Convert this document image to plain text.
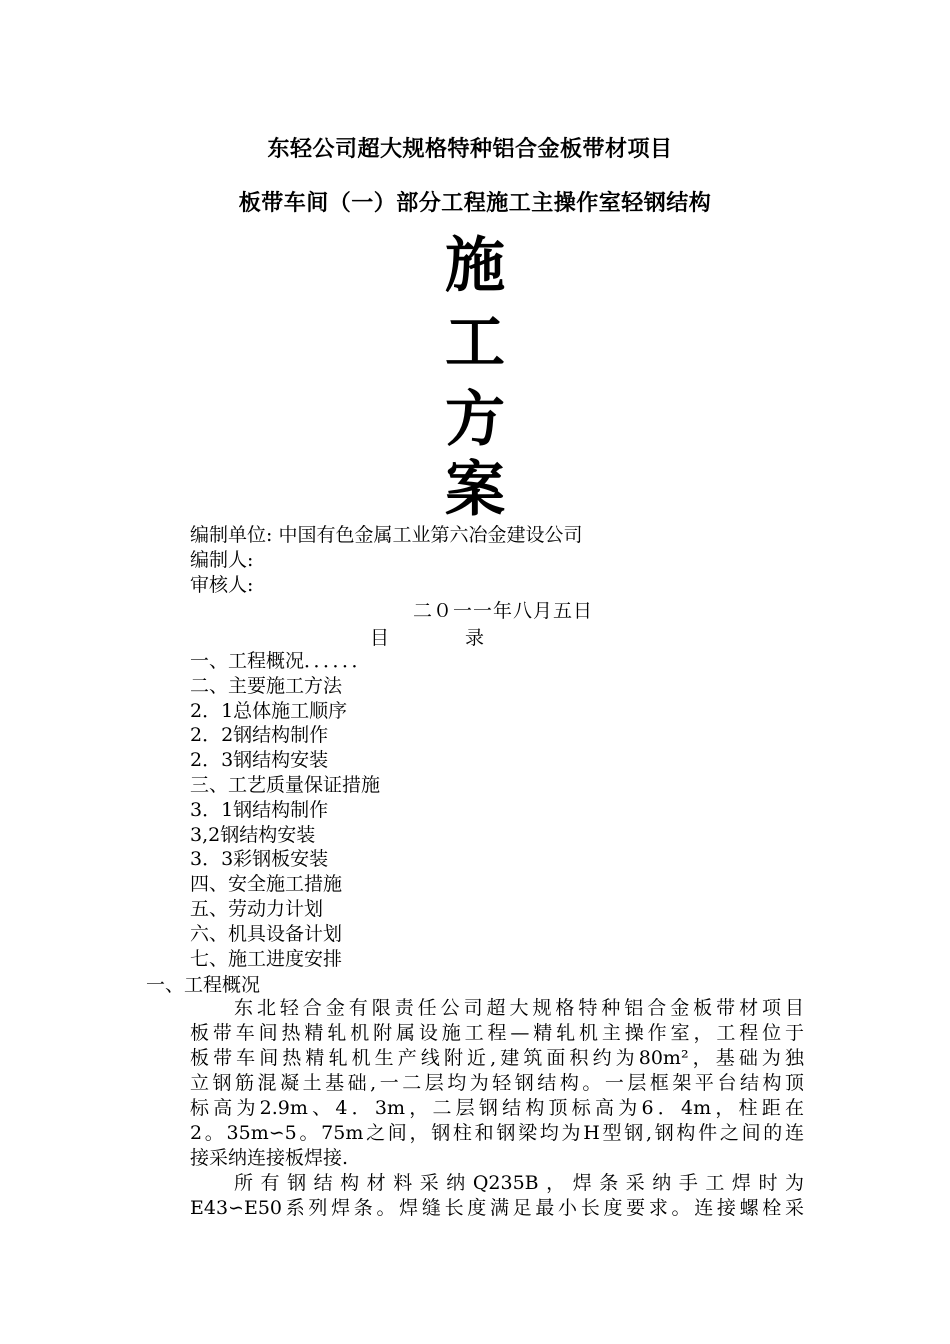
东轻公司超大规格特种铝合金板带材项目
板带车间（一）部分工程施工主操作室轻钢结构
施
工
方
案
编制单位: 中国有色金属工业第六冶金建设公司
编制人:
审核人:
二０一一年八月五日
目	录
一、工程概况．．．．．．
二、主要施工方法
2．1总体施工顺序
2．2钢结构制作
2．3钢结构安装
三、工艺质量保证措施
3．1钢结构制作
3,2钢结构安装
3．3彩钢板安装
四、安全施工措施
五、劳动力计划
六、机具设备计划
七、施工进度安排
一、工程概况
东北轻合金有限责任公司超大规格特种铝合金板带材项目
板带车间热精轧机附属设施工程—精轧机主操作室，工程位于
板带车间热精轧机生产线附近,建筑面积约为80m²，基础为独
立钢筋混凝土基础,一二层均为轻钢结构。一层框架平台结构顶
标高为2.9m、4．3m，二层钢结构顶标高为6．4m，柱距在
2。35m∽5。75m之间，钢柱和钢梁均为H型钢,钢构件之间的连
接采纳连接板焊接.
所有钢结构材料采纳Q235B，焊条采纳手工焊时为
E43∽E50系列焊条。焊缝长度满足最小长度要求。连接螺栓采
